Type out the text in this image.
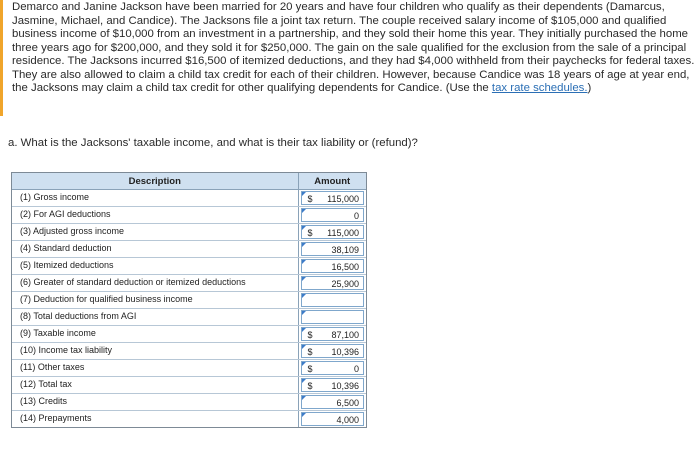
Demarco and Janine Jackson have been married for 20 years and have four children who qualify as their dependents (Damarcus, Jasmine, Michael, and Candice). The Jacksons file a joint tax return. The couple received salary income of $105,000 and qualified business income of $10,000 from an investment in a partnership, and they sold their home this year. They initially purchased the home three years ago for $200,000, and they sold it for $250,000. The gain on the sale qualified for the exclusion from the sale of a principal residence. The Jacksons incurred $16,500 of itemized deductions, and they had $4,000 withheld from their paychecks for federal taxes. They are also allowed to claim a child tax credit for each of their children. However, because Candice was 18 years of age at year end, the Jacksons may claim a child tax credit for other qualifying dependents for Candice. (Use the tax rate schedules.)
a. What is the Jacksons' taxable income, and what is their tax liability or (refund)?
Description	Amount

(1) Gross income	$ 115,000

(2) For AGI deductions	0

(3) Adjusted gross income	$ 115,000

(4) Standard deduction	38,109

(5) Itemized deductions	16,500

(6) Greater of standard deduction or itemized deductions	25,900

(7) Deduction for qualified business income	

(8) Total deductions from AGI	

(9) Taxable income	$ 87,100

(10) Income tax liability	$ 10,396

(11) Other taxes	$ 0

(12) Total tax	$ 10,396

(13) Credits	6,500

(14) Prepayments	4,000
